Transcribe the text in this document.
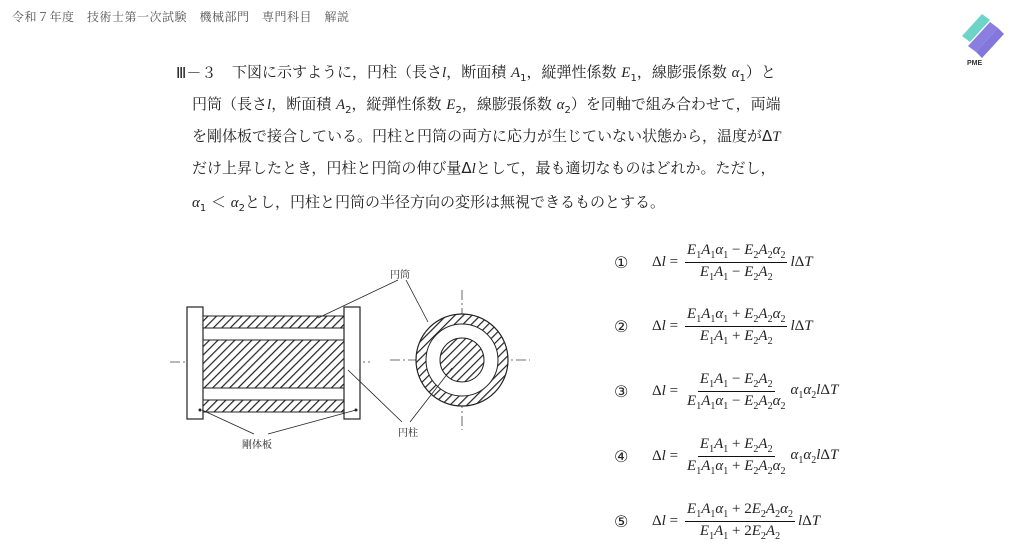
令和７年度　技術士第一次試験　機械部門　専門科目　解説
PME
Ⅲ－３ 下図に示すように，円柱（長さl，断面積 $A_1$，縦弾性係数 $E_1$，線膨張係数 $\alpha_1$）と
円筒（長さl，断面積 $A_2$，縦弾性係数 $E_2$，線膨張係数 $\alpha_2$）を同軸で組み合わせて，両端
を剛体板で接合している。円柱と円筒の両方に応力が生じていない状態から，温度がΔT
だけ上昇したとき，円柱と円筒の伸び量Δlとして，最も適切なものはどれか。ただし，
$\alpha_1 < \alpha_2$とし，円柱と円筒の半径方向の変形は無視できるものとする。
円筒
円柱
剛体板
①	$\Delta l = \frac{E_1A_1\alpha_1 - E_2A_2\alpha_2}{E_1A_1 - E_2A_2}$ lΔT
②	$\Delta l = \frac{E_1A_1\alpha_1 + E_2A_2\alpha_2}{E_1A_1 + E_2A_2}$ lΔT
③	$\Delta l = \frac{E_1A_1 - E_2A_2}{E_1A_1\alpha_1 - E_2A_2\alpha_2} \alpha_1\alpha_2l\Delta T$
④	$\Delta l = \frac{E_1A_1 + E_2A_2}{E_1A_1\alpha_1 + E_2A_2\alpha_2} \alpha_1\alpha_2l\Delta T$
⑤	$\Delta l = \frac{E_1A_1\alpha_1 + 2E_2A_2\alpha_2}{E_1A_1 + 2E_2A_2}$ lΔT
